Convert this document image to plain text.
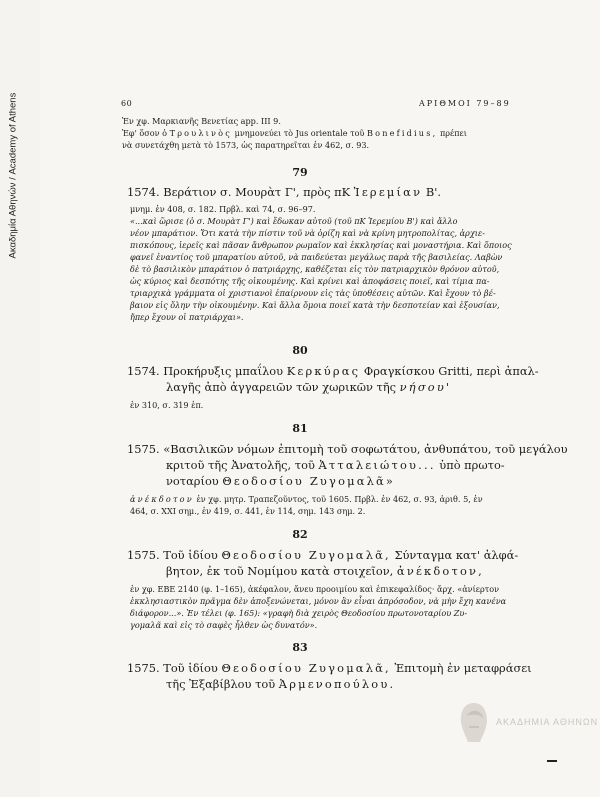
Ακαδημία Αθηνών / Academy of Athens	60	ΑΡΙΘΜΟΙ 79–89
Ἐν χφ. Μαρκιανῆς Βενετίας app. III 9.
Ἐφ' ὅσον ὁ Τρουλινὸς μνημονεύει τὸ Jus orientale τοῦ Bonefidius, πρέπει
νὰ συνετάχθη μετὰ τὸ 1573, ὡς παρατηρεῖται ἐν 462, σ. 93.
79
1574. Βεράτιον σ. Μουρὰτ Γ', πρὸς πΚ Ἱερεμίαν Β'.
μνημ. ἐν 408, σ. 182. Πρβλ. καὶ 74, σ. 96–97.
«...καὶ ὥρισε (ὁ σ. Μουρὰτ Γ') καὶ ἔδωκαν αὐτοῦ (τοῦ πΚ Ἱερεμίου Β') καὶ ἄλλο
νέον μπαράτιον. Ὅτι κατὰ τὴν πίστιν τοῦ νὰ ὁρίζη καὶ νὰ κρίνη μητροπολίτας, ἀρχιε-
πισκόπους, ἱερεῖς καὶ πᾶσαν ἄνθρωπον ρωμαῖον καὶ ἐκκλησίας καὶ μοναστήρια. Καὶ ὅποιος
φανεῖ ἐναντίος τοῦ μπαρατίου αὐτοῦ, νὰ παιδεύεται μεγάλως παρὰ τῆς βασιλείας. Λαβὼν
δὲ τὸ βασιλικὸν μπαράτιον ὁ πατριάρχης, καθέζεται εἰς τὸν πατριαρχικὸν θρόνον αὐτοῦ,
ὡς κύριος καὶ δεσπότης τῆς οἰκουμένης. Καὶ κρίνει καὶ ἀποφάσεις ποιεῖ, καὶ τίμια πα-
τριαρχικὰ γράμματα οἱ χριστιανοὶ ἐπαίρνουν εἰς τὰς ὑποθέσεις αὐτῶν. Καὶ ἔχουν τὸ βέ-
βαιον εἰς ὅλην τὴν οἰκουμένην. Καὶ ἄλλα ὅμοια ποιεῖ κατὰ τὴν δεσποτείαν καὶ ἐξουσίαν,
ἤπερ ἔχουν οἱ πατριάρχαι».
80
1574. Προκήρυξις μπαΐλου Κερκύρας Φραγκίσκου Gritti, περὶ ἀπαλ-
λαγῆς ἀπὸ ἀγγαρειῶν τῶν χωρικῶν τῆς νήσου'
ἐν 310, σ. 319 ἑπ.
81
1575. «Βασιλικῶν νόμων ἐπιτομὴ τοῦ σοφωτάτου, ἀνθυπάτου, τοῦ μεγάλου
κριτοῦ τῆς Ἀνατολῆς, τοῦ Ἀτταλειώτου... ὑπὸ πρωτο-
νοταρίου Θεοδοσίου Ζυγομαλᾶ»
ἀνέκδοτον ἐν χφ. μητρ. Τραπεζοῦντος, τοῦ 1605. Πρβλ. ἐν 462, σ. 93, ἀριθ. 5, ἐν
464, σ. XXI σημ., ἐν 419, σ. 441, ἐν 114, σημ. 143 σημ. 2.
82
1575. Τοῦ ἰδίου Θεοδοσίου Ζυγομαλᾶ, Σύνταγμα κατ' ἀλφά-
βητον, ἐκ τοῦ Νομίμου κατὰ στοιχεῖον, ἀνέκδοτον,
ἐν χφ. EBE 2140 (φ. 1–165), ἀκέφαλον, ἄνευ προοιμίου καὶ ἐπικεφαλίδος· ἄρχ. «ἀνίερτον
ἐκκλησιαστικὸν πρᾶγμα δὲν ἀποξενώνεται, μόνον ἂν εἶναι ἀπρόσοδον, νὰ μὴν ἔχη κανένα
διάφορον...». Ἐν τέλει (φ. 165): «γραφὴ διὰ χειρὸς Θεοδοσίου πρωτονοταρίου Ζυ-
γομαλᾶ καὶ εἰς τὸ σαφὲς ἦλθεν ὡς δυνατόν».
83
1575. Τοῦ ἰδίου Θεοδοσίου Ζυγομαλᾶ, Ἐπιτομὴ ἐν μεταφράσει
τῆς Ἐξαβίβλου τοῦ Ἀρμενοπούλου.
ΑΚΑΔΗΜΙΑ ΑΘΗΝΩΝ
